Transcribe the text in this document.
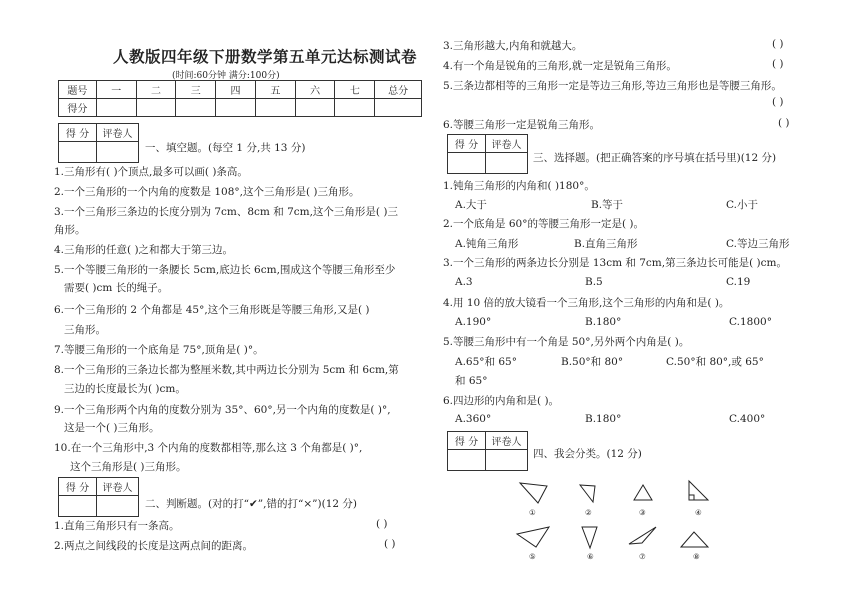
人教版四年级下册数学第五单元达标测试卷
(时间:60分钟 满分:100分)
题号	一	二	三	四	五	六	七	总分
得分								
得 分	评卷人

一、填空题。(每空 1 分,共 13 分)
1.三角形有( )个顶点,最多可以画( )条高。
2.一个三角形的一个内角的度数是 108°,这个三角形是( )三角形。
3.一个三角形三条边的长度分别为 7cm、8cm 和 7cm,这个三角形是( )三
角形。
4.三角形的任意( )之和都大于第三边。
5.一个等腰三角形的一条腰长 5cm,底边长 6cm,围成这个等腰三角形至少
需要( )cm 长的绳子。
6.一个三角形的 2 个角都是 45°,这个三角形既是等腰三角形,又是( )
三角形。
7.等腰三角形的一个底角是 75°,顶角是( )°。
8.一个三角形的三条边长都为整厘米数,其中两边长分别为 5cm 和 6cm,第
三边的长度最长为( )cm。
9.一个三角形两个内角的度数分别为 35°、60°,另一个内角的度数是( )°,
这是一个( )三角形。
10.在一个三角形中,3 个内角的度数都相等,那么这 3 个角都是( )°,
这个三角形是( )三角形。
得 分	评卷人

二、判断题。(对的打“✔”,错的打“×”)(12 分)
1.直角三角形只有一条高。	( )
2.两点之间线段的长度是这两点间的距离。	( )
3.三角形越大,内角和就越大。	( )
4.有一个角是锐角的三角形,就一定是锐角三角形。	( )
5.三条边都相等的三角形一定是等边三角形,等边三角形也是等腰三角形。
( )
6.等腰三角形一定是锐角三角形。	( )
得 分	评卷人

三、选择题。(把正确答案的序号填在括号里)(12 分)
1.钝角三角形的内角和( )180°。
A.大于	B.等于	C.小于
2.一个底角是 60°的等腰三角形一定是( )。
A.钝角三角形	B.直角三角形	C.等边三角形
3.一个三角形的两条边长分别是 13cm 和 7cm,第三条边长可能是( )cm。
A.3	B.5	C.19
4.用 10 倍的放大镜看一个三角形,这个三角形的内角和是( )。
A.190°	B.180°	C.1800°
5.等腰三角形中有一个角是 50°,另外两个内角是( )。
A.65°和 65°	B.50°和 80°	C.50°和 80°,或 65°
和 65°
6.四边形的内角和是( )。
A.360°	B.180°	C.400°
得 分	评卷人

四、我会分类。(12 分)
①	②	③	④
⑤	⑥	⑦	⑧
